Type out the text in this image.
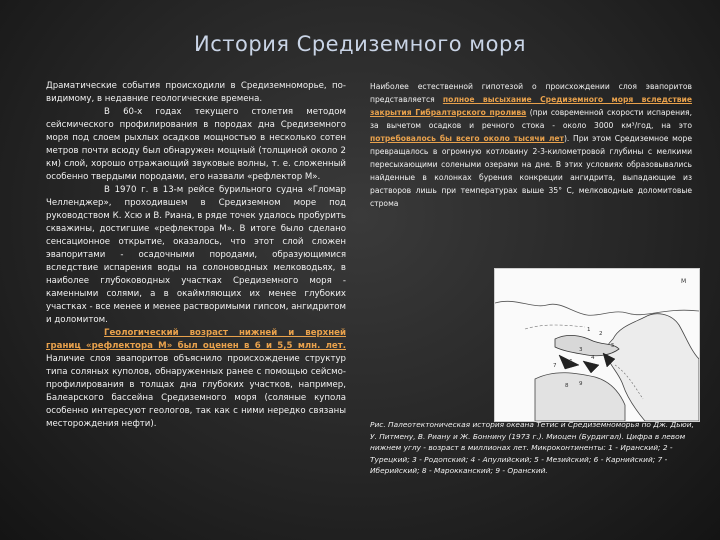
История Средиземного моря

Драматические события происходили в Средиземноморье, по-видимому, в недавние геологические времена.

В 60-х годах текущего столетия методом сейсмического профилирования в породах дна Средиземного моря под слоем рыхлых осадков мощностью в несколько сотен метров почти всюду был обнаружен мощный (толщиной около 2 км) слой, хорошо отражающий звуковые волны, т. е. сложенный особенно твердыми породами, его назвали «рефлектор М».

В 1970 г. в 13-м рейсе бурильного судна «Гломар Челленджер», проходившем в Средиземном море под руководством К. Хсю и В. Риана, в ряде точек удалось пробурить скважины, достигшие «рефлектора М». В итоге было сделано сенсационное открытие, оказалось, что этот слой сложен эвапоритами - осадочными породами, образующимися вследствие испарения воды на солоноводных мелководьях, в наиболее глубоководных участках Средиземного моря - каменными солями, а в окаймляющих их менее глубоких участках - все менее и менее растворимыми гипсом, ангидритом и доломитом.

Геологический возраст нижней и верхней границ «рефлектора М» был оценен в 6 и 5,5 млн. лет. Наличие слоя эвапоритов объяснило происхождение структур типа соляных куполов, обнаруженных ранее с помощью сейсмо-профилирования в толщах дна глубоких участков, например, Балеарского бассейна Средиземного моря (соляные купола особенно интересуют геологов, так как с ними нередко связаны месторождения нефти).

Наиболее естественной гипотезой о происхождении слоя эвапоритов представляется полное высыхание Средиземного моря вследствие закрытия Гибралтарского пролива (при современной скорости испарения, за вычетом осадков и речного стока - около 3000 км³/год, на это потребовалось бы всего около тысячи лет). При этом Средиземное море превращалось в огромную котловину 2-3-километровой глубины с мелкими пересыхающими солеными озерами на дне. В этих условиях образовывались найденные в колонках бурения конкреции ангидрита, выпадающие из растворов лишь при температурах выше 35° С, мелководные доломитовые строма

М
1
2
3
4
5
6
7
8 9
Рис. Палеотектоническая история океана Тетис и Средиземноморья по Дж. Дьюи, У. Питмену, В. Риану и Ж. Боннину (1973 г.). Миоцен (Бурдигал). Цифра в левом нижнем углу - возраст в миллионах лет. Микроконтиненты: 1 - Иранский; 2 - Турецкий; 3 - Родопский; 4 - Апулийский; 5 - Мезийский; 6 - Карнийский; 7 - Иберийский; 8 - Марокканский; 9 - Оранский.
